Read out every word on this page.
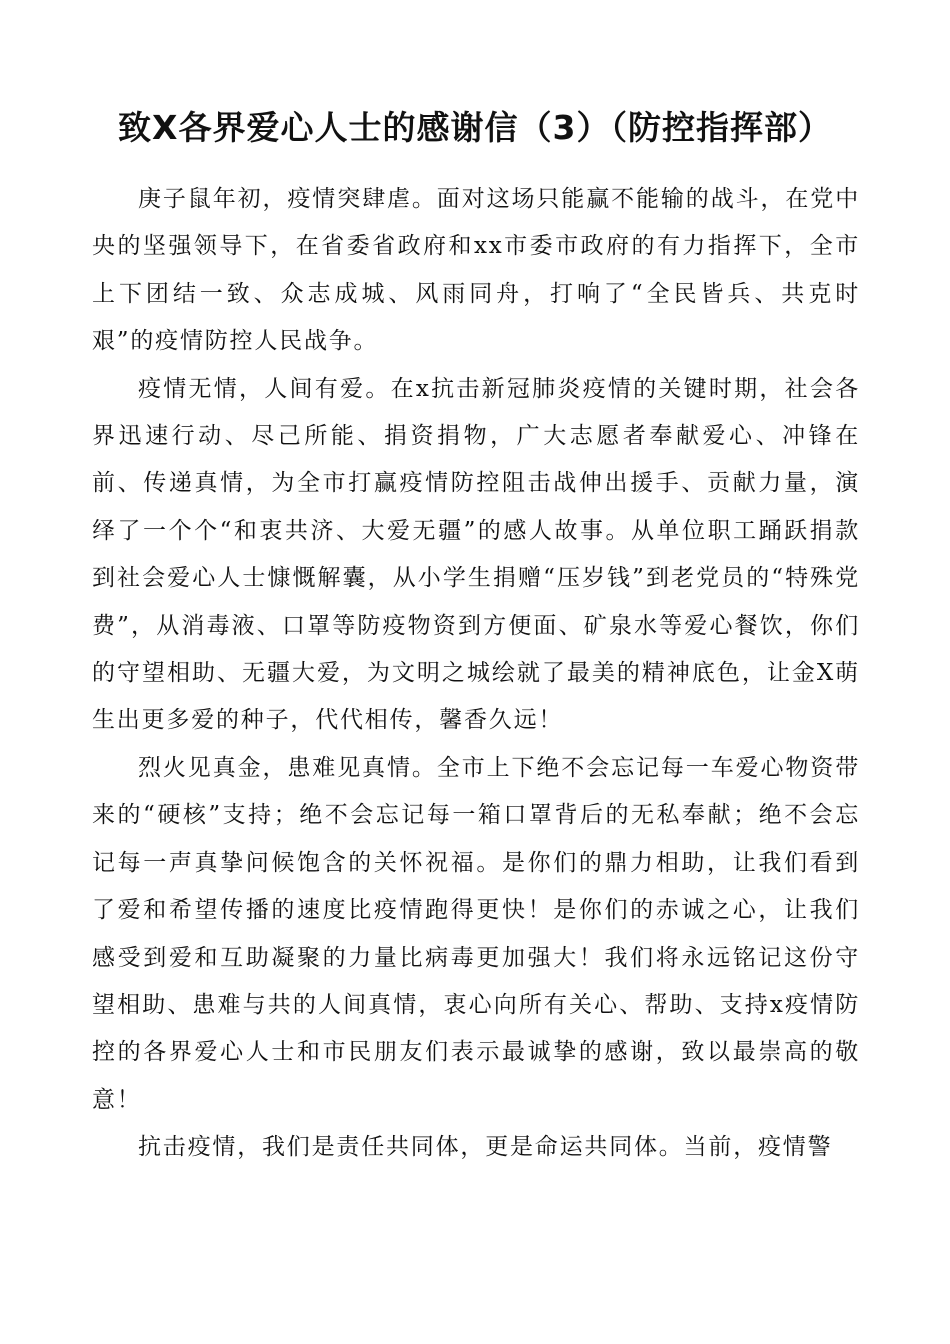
致X各界爱心人士的感谢信（3）（防控指挥部）

庚子鼠年初，疫情突肆虐。面对这场只能赢不能输的战斗，在党中央的坚强领导下，在省委省政府和xx市委市政府的有力指挥下，全市上下团结一致、众志成城、风雨同舟，打响了“全民皆兵、共克时艰”的疫情防控人民战争。

疫情无情，人间有爱。在x抗击新冠肺炎疫情的关键时期，社会各界迅速行动、尽己所能、捐资捐物，广大志愿者奉献爱心、冲锋在前、传递真情，为全市打赢疫情防控阻击战伸出援手、贡献力量，演绎了一个个“和衷共济、大爱无疆”的感人故事。从单位职工踊跃捐款到社会爱心人士慷慨解囊，从小学生捐赠“压岁钱”到老党员的“特殊党费”，从消毒液、口罩等防疫物资到方便面、矿泉水等爱心餐饮，你们的守望相助、无疆大爱，为文明之城绘就了最美的精神底色，让金X萌生出更多爱的种子，代代相传，馨香久远！

烈火见真金，患难见真情。全市上下绝不会忘记每一车爱心物资带来的“硬核”支持；绝不会忘记每一箱口罩背后的无私奉献；绝不会忘记每一声真挚问候饱含的关怀祝福。是你们的鼎力相助，让我们看到了爱和希望传播的速度比疫情跑得更快！是你们的赤诚之心，让我们感受到爱和互助凝聚的力量比病毒更加强大！我们将永远铭记这份守望相助、患难与共的人间真情，衷心向所有关心、帮助、支持x疫情防控的各界爱心人士和市民朋友们表示最诚挚的感谢，致以最崇高的敬意！

抗击疫情，我们是责任共同体，更是命运共同体。当前，疫情警
